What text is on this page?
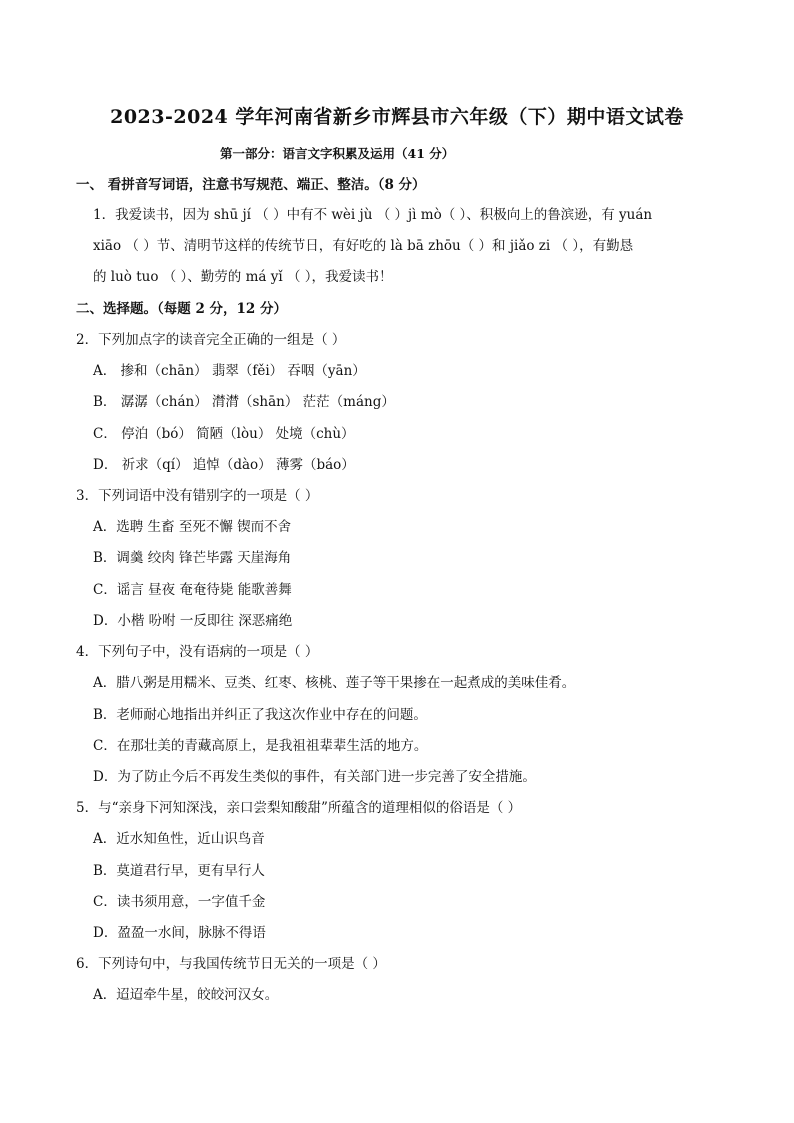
2023-2024 学年河南省新乡市辉县市六年级（下）期中语文试卷
第一部分：语言文字积累及运用（41 分）
一、 看拼音写词语，注意书写规范、端正、整洁。（8 分）
1．我爱读书，因为 shū jí （ ）中有不 wèi jù （ ）jì mò（ ）、积极向上的鲁滨逊，有 yuán
xiāo （ ）节、清明节这样的传统节日，有好吃的 là bā zhōu（ ）和 jiǎo zi （ ），有勤恳
的 luò tuo （ ）、勤劳的 má yǐ （ ），我爱读书！
二、选择题。（每题 2 分，12 分）
2．下列加点字的读音完全正确的一组是（ ）
A． 掺和（chān） 翡翠（fěi） 吞咽（yān）
B． 潺潺（chán） 潸潸（shān） 茫茫（máng）
C． 停泊（bó） 简陋（lòu） 处境（chù）
D． 祈求（qí） 追悼（dào） 薄雾（báo）
3．下列词语中没有错别字的一项是（ ）
A．选聘 生畜 至死不懈 锲而不舍
B．调羹 绞肉 锋芒毕露 天崖海角
C．谣言 昼夜 奄奄待毙 能歌善舞
D．小楷 吩咐 一反即往 深恶痛绝
4．下列句子中，没有语病的一项是（ ）
A．腊八粥是用糯米、豆类、红枣、核桃、莲子等干果掺在一起煮成的美味佳肴。
B．老师耐心地指出并纠正了我这次作业中存在的问题。
C．在那壮美的青藏高原上，是我祖祖辈辈生活的地方。
D．为了防止今后不再发生类似的事件，有关部门进一步完善了安全措施。
5．与“亲身下河知深浅，亲口尝梨知酸甜”所蕴含的道理相似的俗语是（ ）
A．近水知鱼性，近山识鸟音
B．莫道君行早，更有早行人
C．读书须用意，一字值千金
D．盈盈一水间，脉脉不得语
6．下列诗句中，与我国传统节日无关的一项是（ ）
A．迢迢牵牛星，皎皎河汉女。
